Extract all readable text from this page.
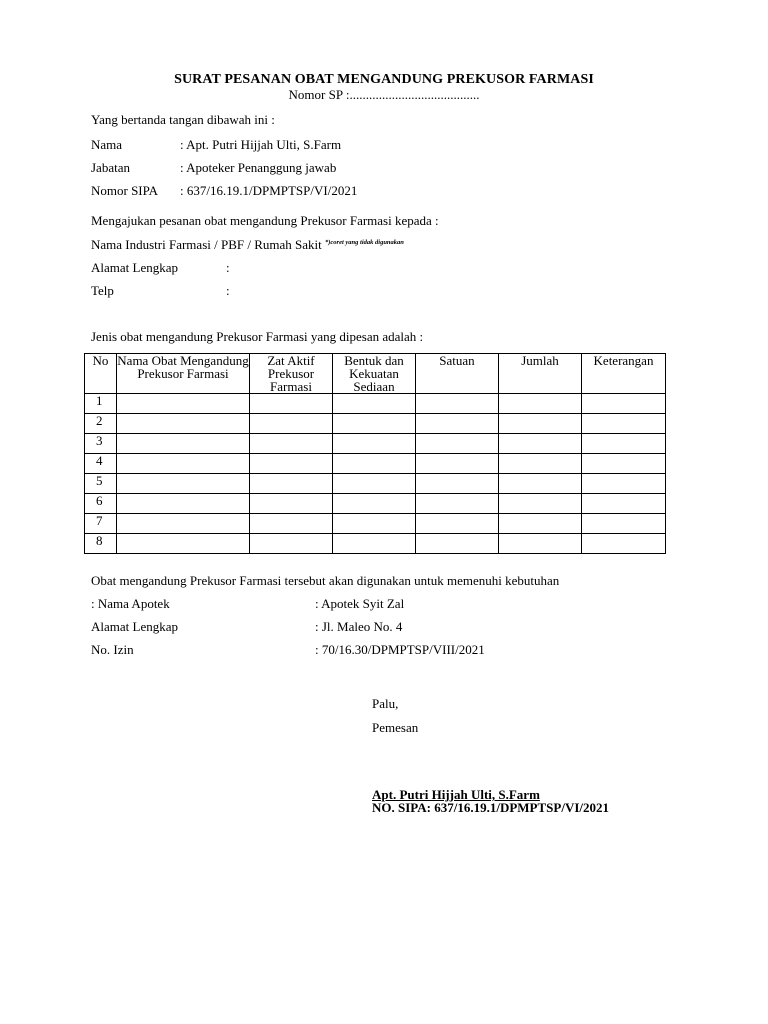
SURAT PESANAN OBAT MENGANDUNG PREKUSOR FARMASI
Nomor SP :........................................
Yang bertanda tangan dibawah ini :
Nama	: Apt. Putri Hijjah Ulti, S.Farm
Jabatan	: Apoteker Penanggung jawab
Nomor SIPA : 637/16.19.1/DPMPTSP/VI/2021
Mengajukan pesanan obat mengandung Prekusor Farmasi kepada :
Nama Industri Farmasi / PBF / Rumah Sakit $^{*)coret yang tidak digunakan}$
Alamat Lengkap	:
Telp	:
Jenis obat mengandung Prekusor Farmasi yang dipesan adalah :
No	Nama Obat Mengandung Prekusor Farmasi	Zat Aktif Prekusor Farmasi	Bentuk dan Kekuatan Sediaan	Satuan	Jumlah	Keterangan
1						
2						
3						
4						
5						
6						
7						
8						
Obat mengandung Prekusor Farmasi tersebut akan digunakan untuk memenuhi kebutuhan
: Nama Apotek	: Apotek Syit Zal
Alamat Lengkap	: Jl. Maleo No. 4
No. Izin	: 70/16.30/DPMPTSP/VIII/2021
Palu,
Pemesan
Apt. Putri Hijjah Ulti, S.Farm
NO. SIPA: 637/16.19.1/DPMPTSP/VI/2021
